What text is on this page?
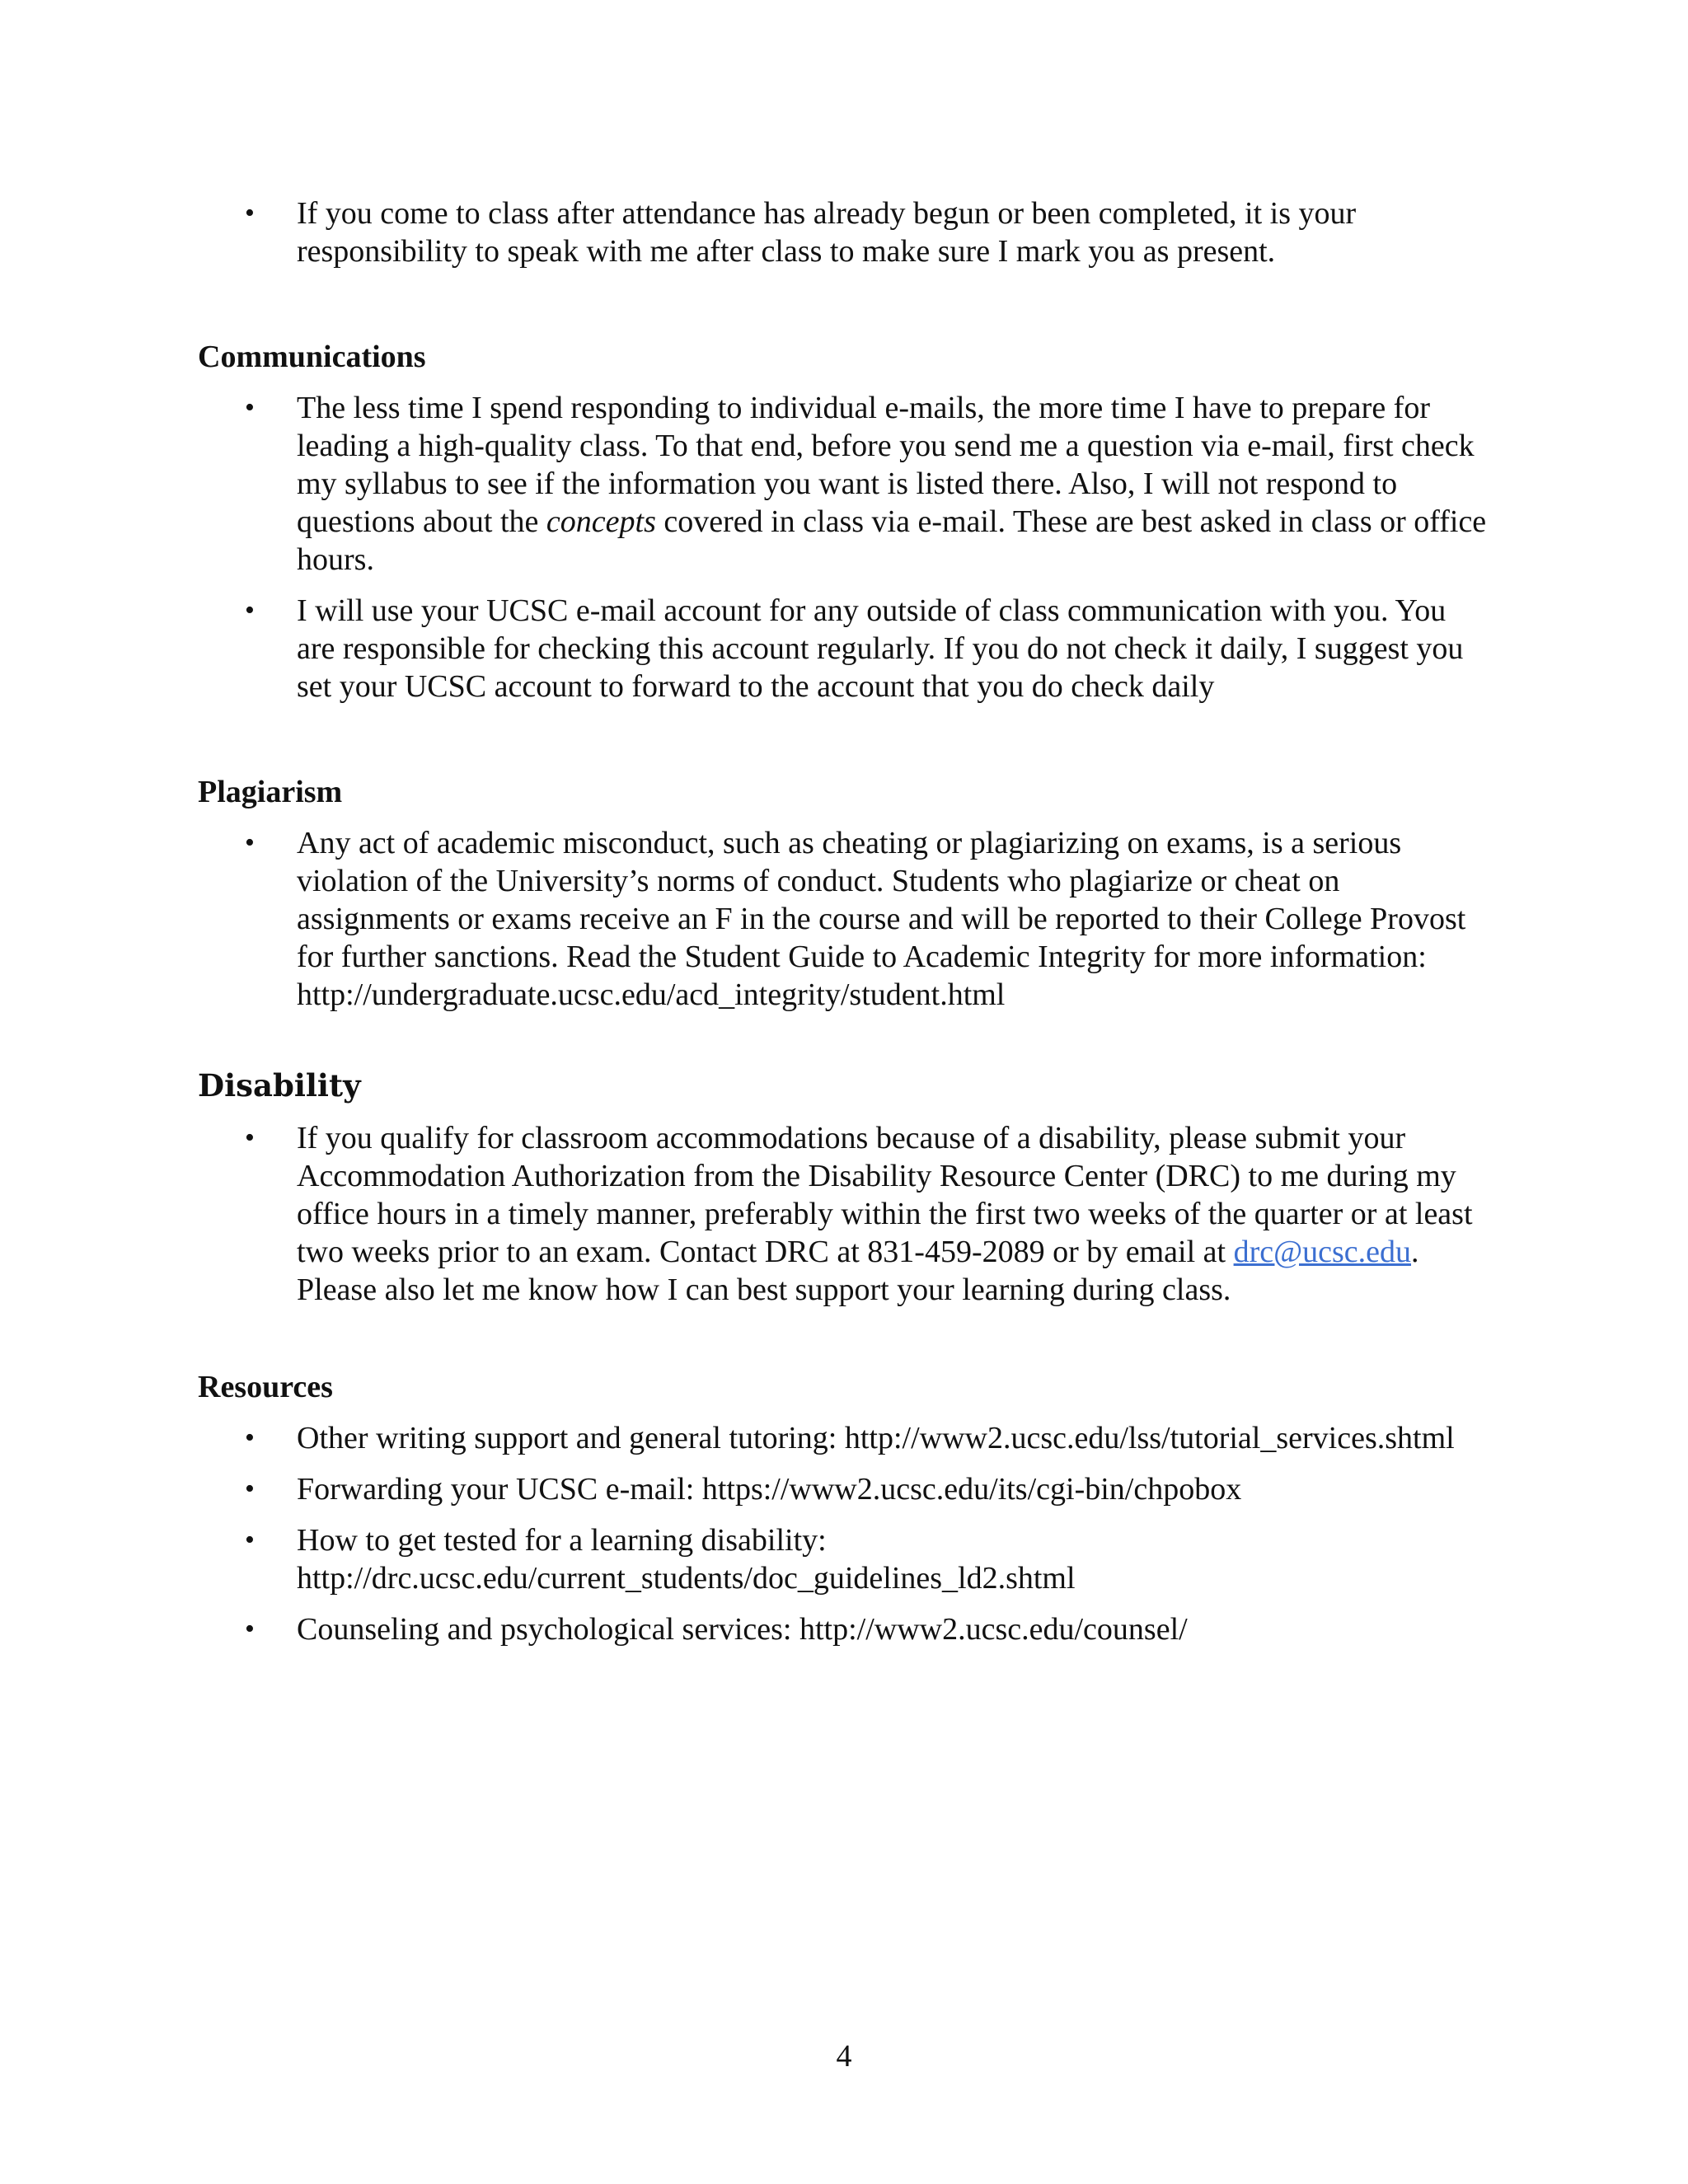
• If you come to class after attendance has already begun or been completed, it is your responsibility to speak with me after class to make sure I mark you as present.
Communications
• The less time I spend responding to individual e-mails, the more time I have to prepare for leading a high-quality class. To that end, before you send me a question via e-mail, first check my syllabus to see if the information you want is listed there. Also, I will not respond to questions about the concepts covered in class via e-mail. These are best asked in class or office hours.
• I will use your UCSC e-mail account for any outside of class communication with you. You are responsible for checking this account regularly. If you do not check it daily, I suggest you set your UCSC account to forward to the account that you do check daily
Plagiarism
• Any act of academic misconduct, such as cheating or plagiarizing on exams, is a serious violation of the University’s norms of conduct. Students who plagiarize or cheat on assignments or exams receive an F in the course and will be reported to their College Provost for further sanctions. Read the Student Guide to Academic Integrity for more information: http://undergraduate.ucsc.edu/acd_integrity/student.html
Disability
• If you qualify for classroom accommodations because of a disability, please submit your Accommodation Authorization from the Disability Resource Center (DRC) to me during my office hours in a timely manner, preferably within the first two weeks of the quarter or at least two weeks prior to an exam. Contact DRC at 831-459-2089 or by email at drc@ucsc.edu. Please also let me know how I can best support your learning during class.
Resources
• Other writing support and general tutoring: http://www2.ucsc.edu/lss/tutorial_services.shtml
• Forwarding your UCSC e-mail: https://www2.ucsc.edu/its/cgi-bin/chpobox
• How to get tested for a learning disability: http://drc.ucsc.edu/current_students/doc_guidelines_ld2.shtml
• Counseling and psychological services: http://www2.ucsc.edu/counsel/
4
